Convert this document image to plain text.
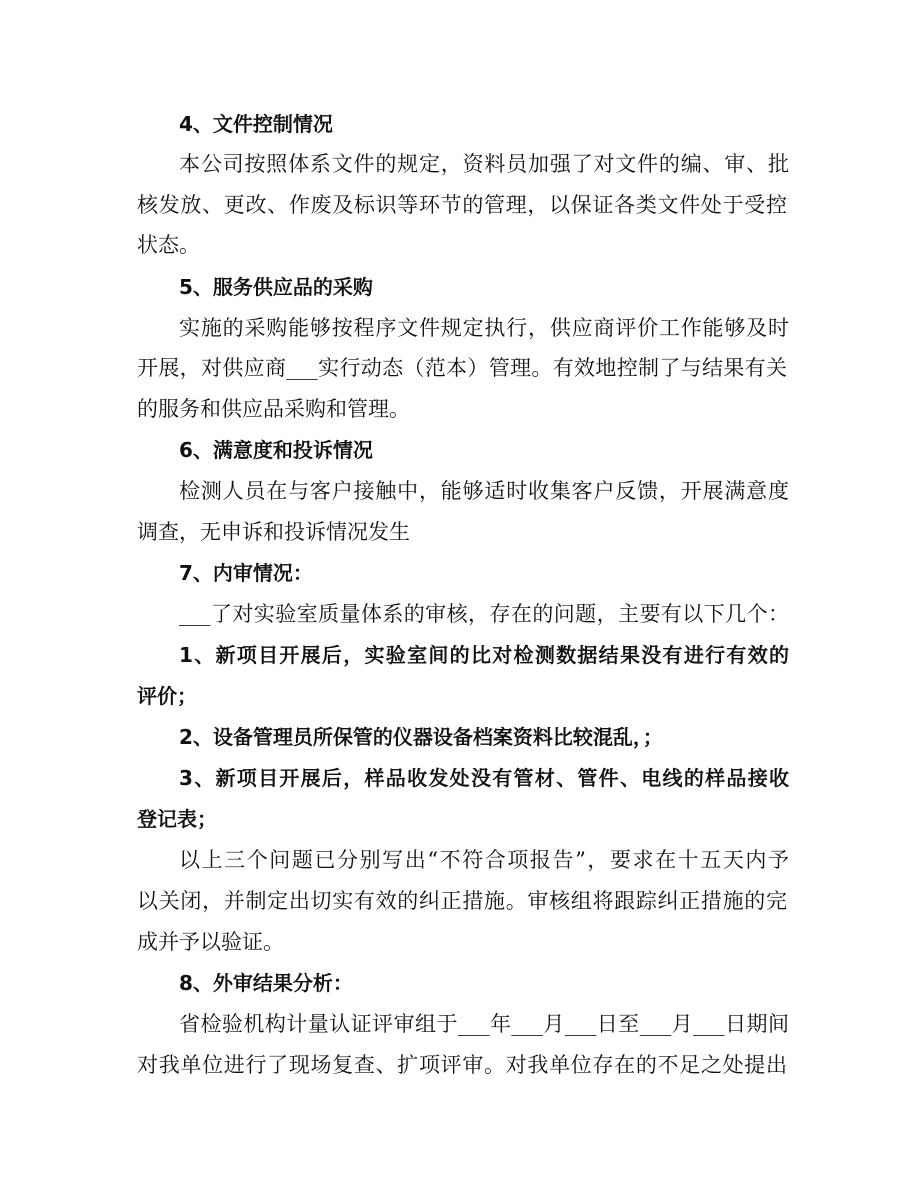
4、文件控制情况
本公司按照体系文件的规定，资料员加强了对文件的编、审、批
核发放、更改、作废及标识等环节的管理，以保证各类文件处于受控
状态。
5、服务供应品的采购
实施的采购能够按程序文件规定执行，供应商评价工作能够及时
开展，对供应商___实行动态（范本）管理。有效地控制了与结果有关
的服务和供应品采购和管理。
6、满意度和投诉情况
检测人员在与客户接触中，能够适时收集客户反馈，开展满意度
调查，无申诉和投诉情况发生
7、内审情况：
___了对实验室质量体系的审核，存在的问题，主要有以下几个：
1、新项目开展后，实验室间的比对检测数据结果没有进行有效的
评价；
2、设备管理员所保管的仪器设备档案资料比较混乱，；
3、新项目开展后，样品收发处没有管材、管件、电线的样品接收
登记表；
以上三个问题已分别写出“不符合项报告”，要求在十五天内予
以关闭，并制定出切实有效的纠正措施。审核组将跟踪纠正措施的完
成并予以验证。
8、外审结果分析：
省检验机构计量认证评审组于___年___月___日至___月___日期间
对我单位进行了现场复查、扩项评审。对我单位存在的不足之处提出
